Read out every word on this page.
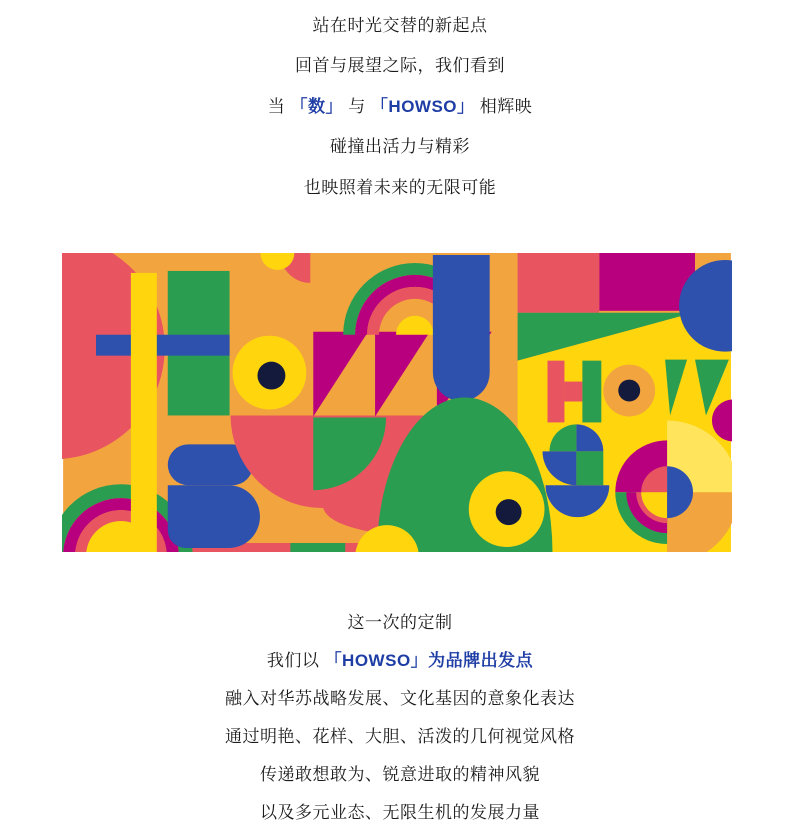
站在时光交替的新起点
回首与展望之际，我们看到
当 「数」 与 「HOWSO」 相辉映
碰撞出活力与精彩
也映照着未来的无限可能
这一次的定制
我们以 「HOWSO」为品牌出发点
融入对华苏战略发展、文化基因的意象化表达
通过明艳、花样、大胆、活泼的几何视觉风格
传递敢想敢为、锐意进取的精神风貌
以及多元业态、无限生机的发展力量
